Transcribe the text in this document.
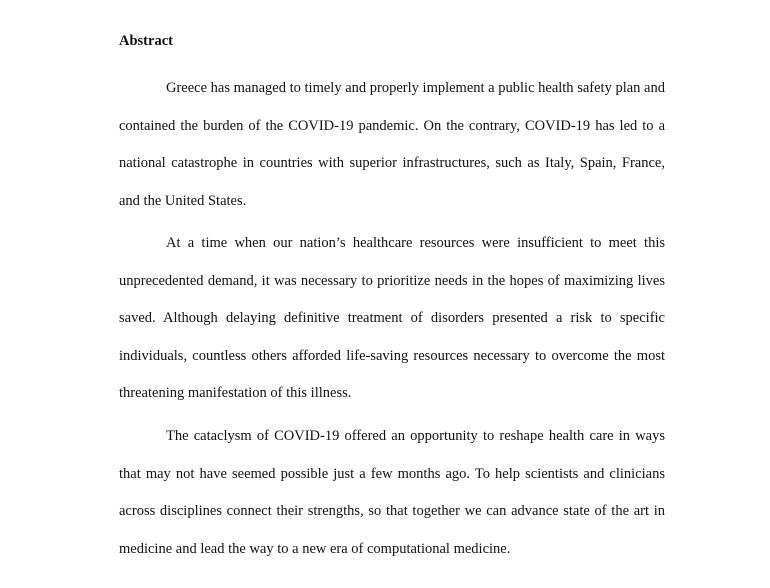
Abstract

Greece has managed to timely and properly implement a public health safety plan and contained the burden of the COVID-19 pandemic. On the contrary, COVID-19 has led to a national catastrophe in countries with superior infrastructures, such as Italy, Spain, France, and the United States.

At a time when our nation’s healthcare resources were insufficient to meet this unprecedented demand, it was necessary to prioritize needs in the hopes of maximizing lives saved. Although delaying definitive treatment of disorders presented a risk to specific individuals, countless others afforded life-saving resources necessary to overcome the most threatening manifestation of this illness.

The cataclysm of COVID-19 offered an opportunity to reshape health care in ways that may not have seemed possible just a few months ago. To help scientists and clinicians across disciplines connect their strengths, so that together we can advance state of the art in medicine and lead the way to a new era of computational medicine.
